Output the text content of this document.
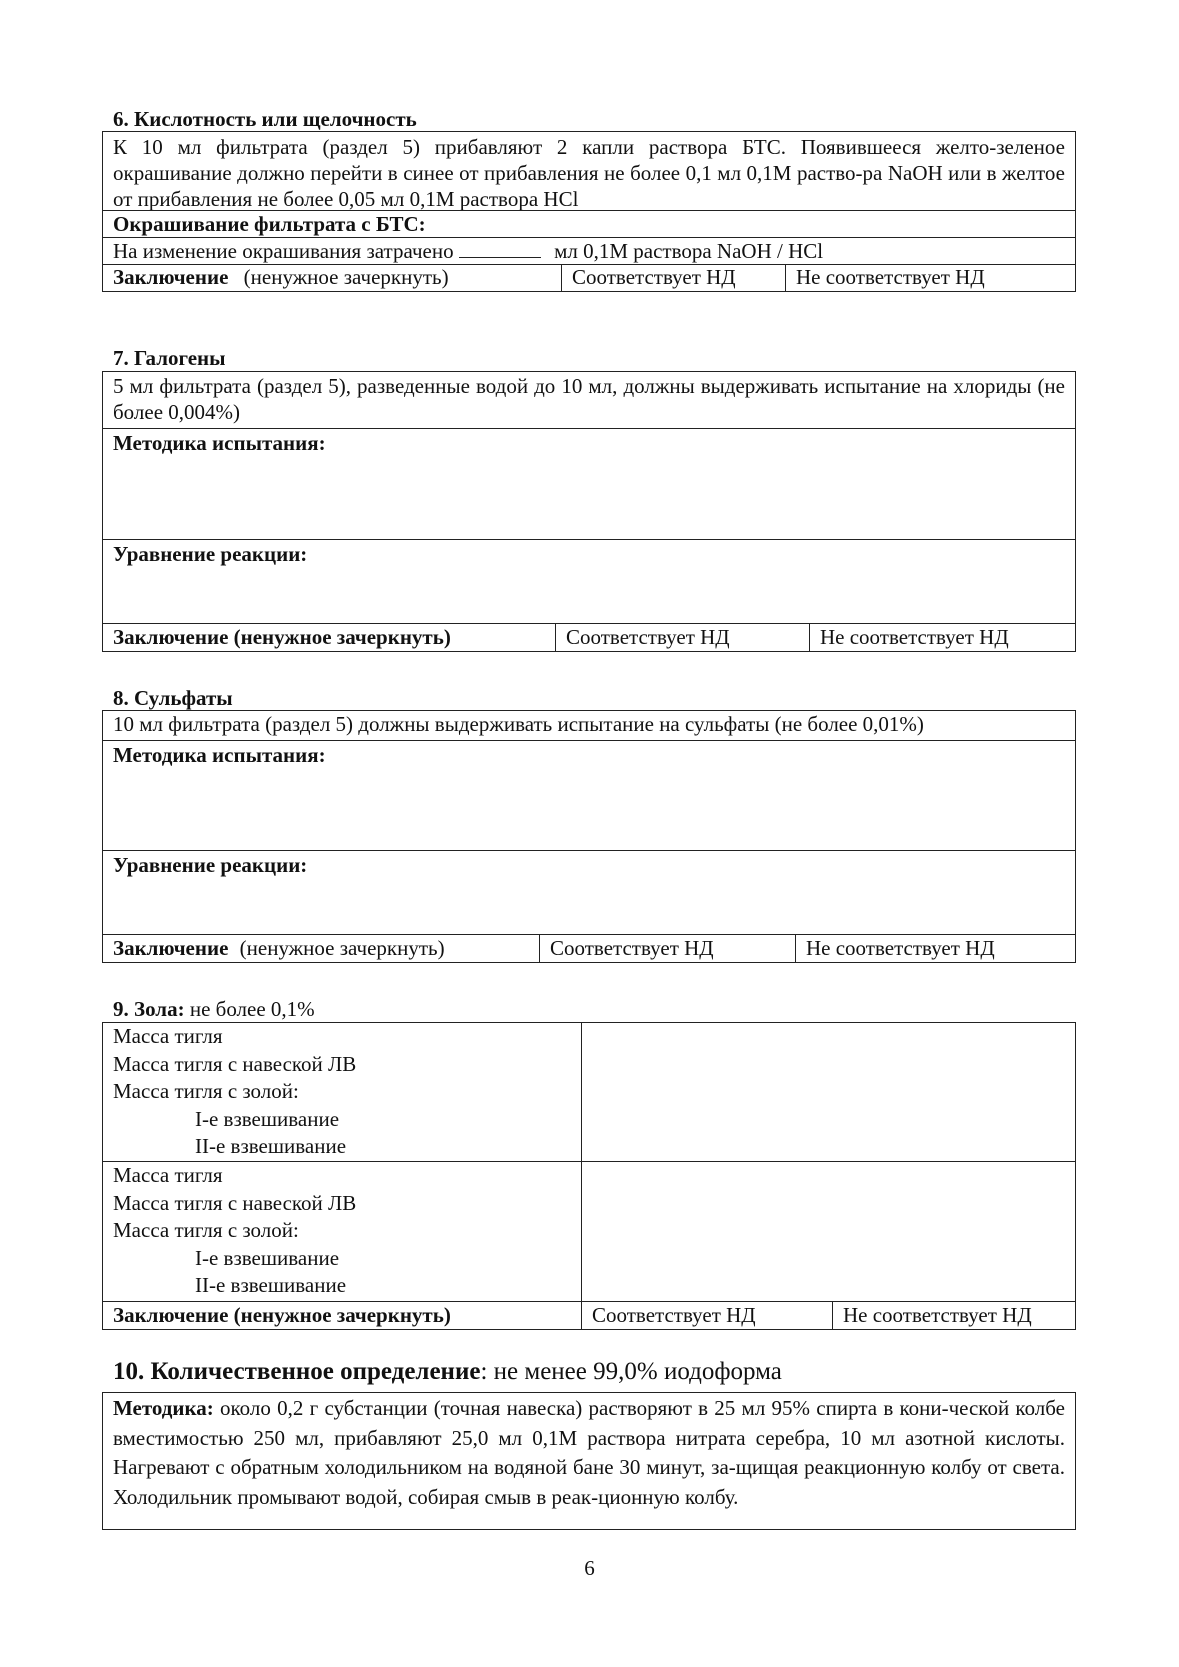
6. Кислотность или щелочность
К 10 мл фильтрата (раздел 5) прибавляют 2 капли раствора БТС. Появившееся желто-зеленое окрашивание должно перейти в синее от прибавления не более 0,1 мл 0,1М раство-ра NaOH или в желтое от прибавления не более 0,05 мл 0,1М раствора HCl
Окрашивание фильтрата с БТС:
На изменение окрашивания затрачено	мл 0,1М раствора NaOH / HCl
Заключение (ненужное зачеркнуть)	Соответствует НД	Не соответствует НД
7. Галогены
5 мл фильтрата (раздел 5), разведенные водой до 10 мл, должны выдерживать испытание на хлориды (не более 0,004%)
Методика испытания:
Уравнение реакции:
Заключение (ненужное зачеркнуть)	Соответствует НД	Не соответствует НД
8. Сульфаты
10 мл фильтрата (раздел 5) должны выдерживать испытание на сульфаты (не более 0,01%)
Методика испытания:
Уравнение реакции:
Заключение (ненужное зачеркнуть)	Соответствует НД	Не соответствует НД
9. Зола: не более 0,1%
Масса тигля
Масса тигля с навеской ЛВ
Масса тигля с золой:
I-е взвешивание
II-е взвешивание
Масса тигля
Масса тигля с навеской ЛВ
Масса тигля с золой:
I-е взвешивание
II-е взвешивание
Заключение (ненужное зачеркнуть)	Соответствует НД	Не соответствует НД
10. Количественное определение: не менее 99,0% иодоформа
Методика: около 0,2 г субстанции (точная навеска) растворяют в 25 мл 95% спирта в кони-ческой колбе вместимостью 250 мл, прибавляют 25,0 мл 0,1М раствора нитрата серебра, 10 мл азотной кислоты. Нагревают с обратным холодильником на водяной бане 30 минут, за-щищая реакционную колбу от света. Холодильник промывают водой, собирая смыв в реак-ционную колбу.
6
